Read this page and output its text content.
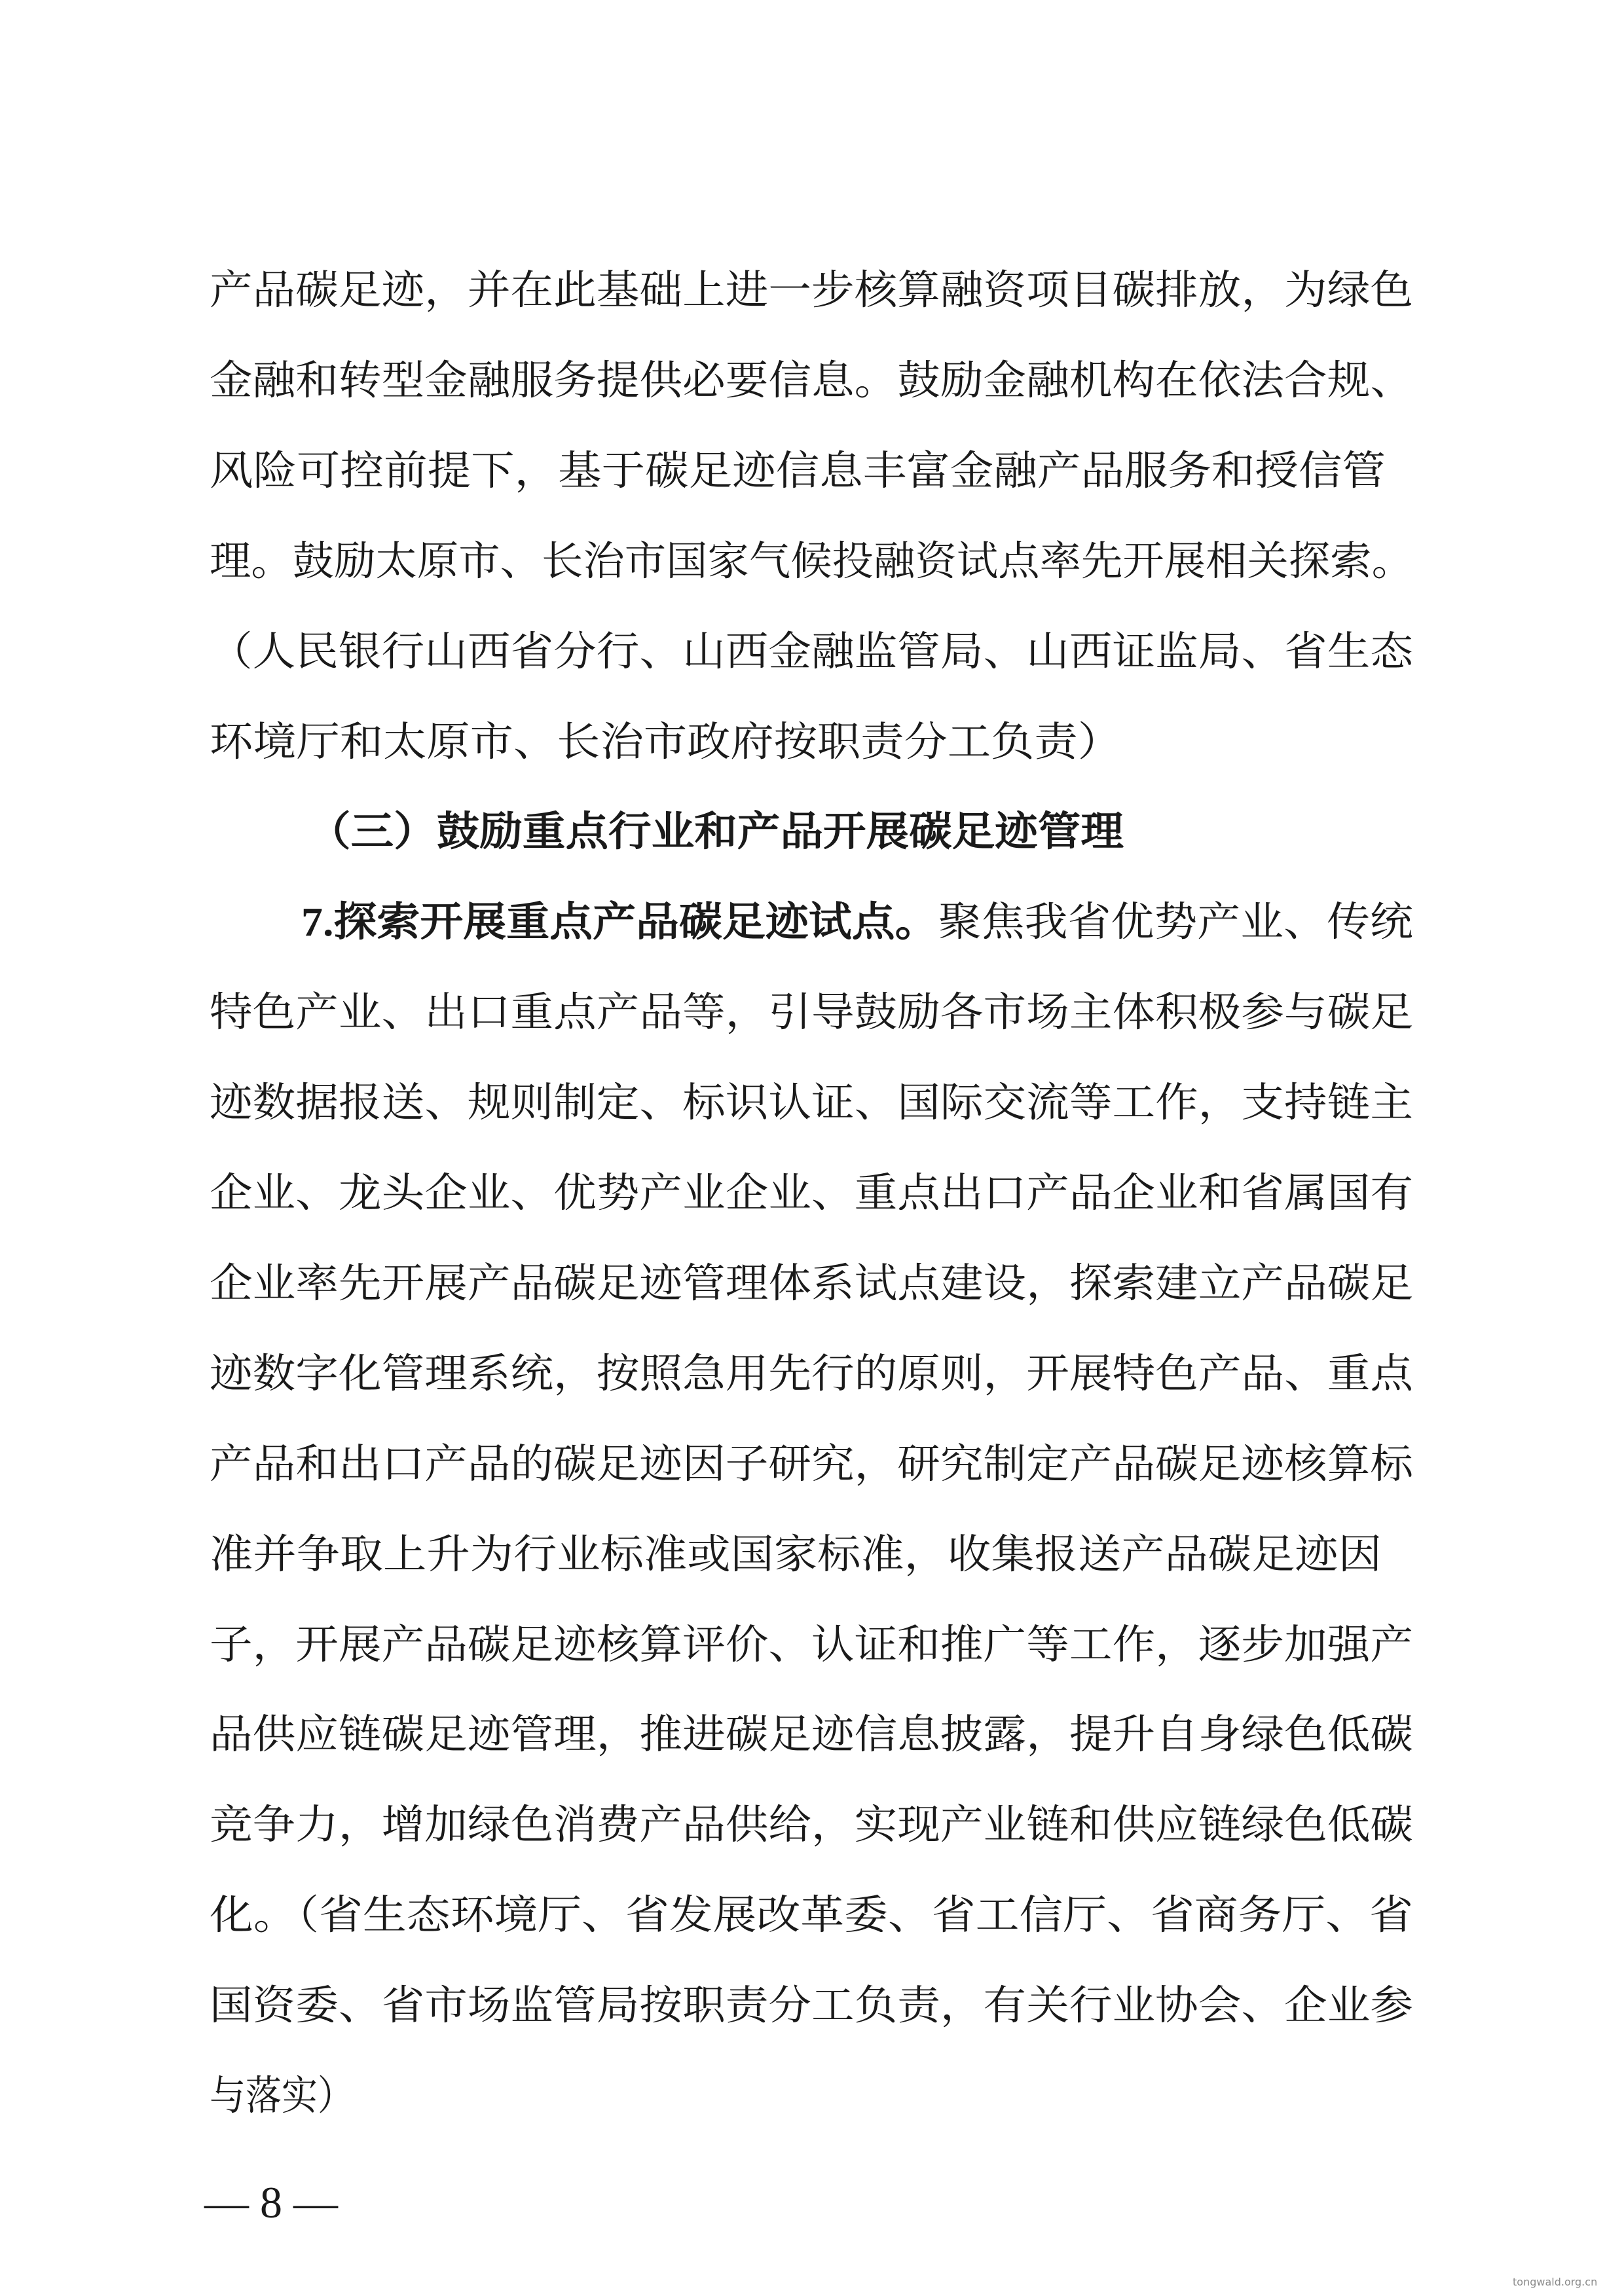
产品碳足迹，并在此基础上进一步核算融资项目碳排放，为绿色
金融和转型金融服务提供必要信息。鼓励金融机构在依法合规、
风险可控前提下，基于碳足迹信息丰富金融产品服务和授信管
理。鼓励太原市、长治市国家气候投融资试点率先开展相关探索。
（人民银行山西省分行、山西金融监管局、山西证监局、省生态
环境厅和太原市、长治市政府按职责分工负责）
（三）鼓励重点行业和产品开展碳足迹管理
7.探索开展重点产品碳足迹试点。聚焦我省优势产业、传统
特色产业、出口重点产品等，引导鼓励各市场主体积极参与碳足
迹数据报送、规则制定、标识认证、国际交流等工作，支持链主
企业、龙头企业、优势产业企业、重点出口产品企业和省属国有
企业率先开展产品碳足迹管理体系试点建设，探索建立产品碳足
迹数字化管理系统，按照急用先行的原则，开展特色产品、重点
产品和出口产品的碳足迹因子研究，研究制定产品碳足迹核算标
准并争取上升为行业标准或国家标准，收集报送产品碳足迹因
子，开展产品碳足迹核算评价、认证和推广等工作，逐步加强产
品供应链碳足迹管理，推进碳足迹信息披露，提升自身绿色低碳
竞争力，增加绿色消费产品供给，实现产业链和供应链绿色低碳
化。（省生态环境厅、省发展改革委、省工信厅、省商务厅、省
国资委、省市场监管局按职责分工负责，有关行业协会、企业参
与落实）
— 8 —
tongwald.org.cn
